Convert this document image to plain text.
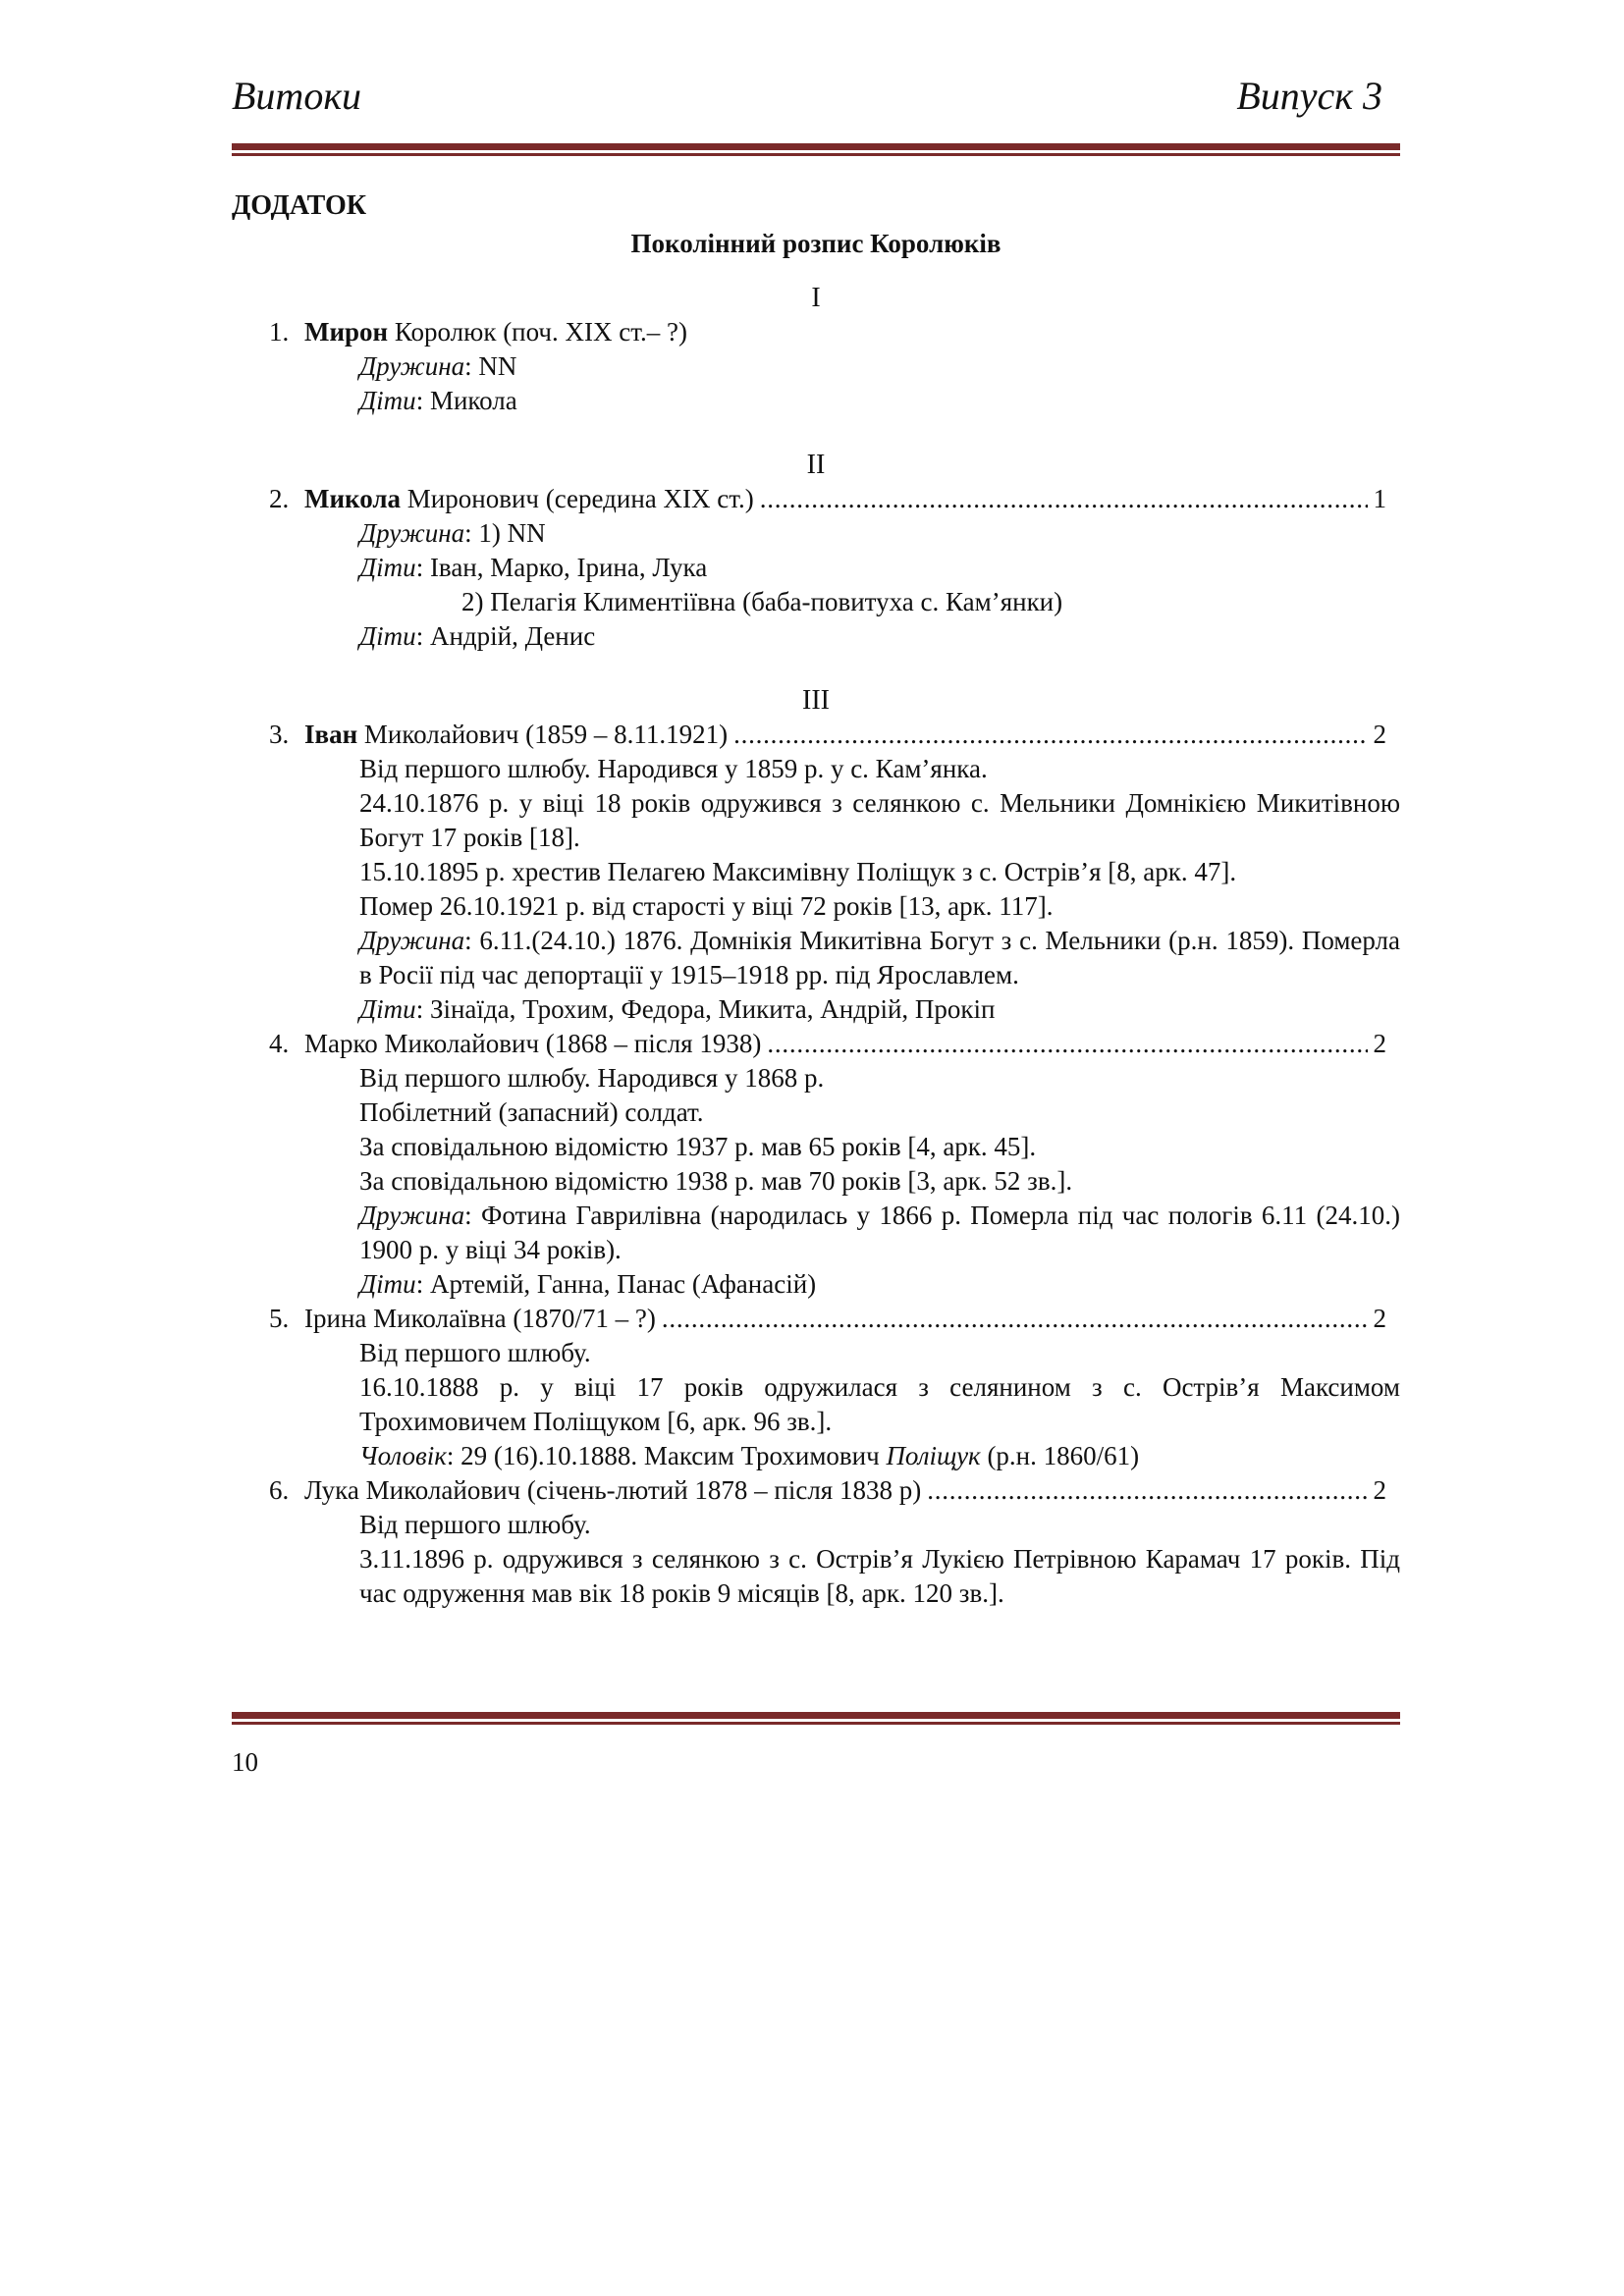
Витоки	Випуск 3
ДОДАТОК
Поколінний розпис Королюків
I
1. Мирон Королюк (поч. XIX ст.– ?)
Дружина: NN
Діти: Микола
II
2. Микола Миронович (середина XIX ст.) . . .	1
Дружина: 1) NN
Діти: Іван, Марко, Ірина, Лука
2) Пелагія Климентіївна (баба-повитуха с. Кам’янки)
Діти: Андрій, Денис
III
3. Іван Миколайович (1859 – 8.11.1921) . . .	2
Від першого шлюбу. Народився у 1859 р. у с. Кам’янка.
24.10.1876 р. у віці 18 років одружився з селянкою с. Мельники Домнікією Микитівною Богут 17 років [18].
15.10.1895 р. хрестив Пелагею Максимівну Поліщук з с. Острів’я [8, арк. 47].
Помер 26.10.1921 р. від старості у віці 72 років [13, арк. 117].
Дружина: 6.11.(24.10.) 1876. Домнікія Микитівна Богут з с. Мельники (р.н. 1859). Померла в Росії під час депортації у 1915–1918 рр. під Ярославлем.
Діти: Зінаїда, Трохим, Федора, Микита, Андрій, Прокіп
4. Марко Миколайович (1868 – після 1938) . . .	2
Від першого шлюбу. Народився у 1868 р.
Побілетний (запасний) солдат.
За сповідальною відомістю 1937 р. мав 65 років [4, арк. 45].
За сповідальною відомістю 1938 р. мав 70 років [3, арк. 52 зв.].
Дружина: Фотина Гаврилівна (народилась у 1866 р. Померла під час пологів 6.11 (24.10.) 1900 р. у віці 34 років).
Діти: Артемій, Ганна, Панас (Афанасій)
5. Ірина Миколаївна (1870/71 – ?) . . .	2
Від першого шлюбу.
16.10.1888 р. у віці 17 років одружилася з селянином з с. Острів’я Максимом Трохимовичем Поліщуком [6, арк. 96 зв.].
Чоловік: 29 (16).10.1888. Максим Трохимович Поліщук (р.н. 1860/61)
6. Лука Миколайович (січень-лютий 1878 – після 1838 р) . . .	2
Від першого шлюбу.
3.11.1896 р. одружився з селянкою з с. Острів’я Лукією Петрівною Карамач 17 років. Під час одруження мав вік 18 років 9 місяців [8, арк. 120 зв.].
10
